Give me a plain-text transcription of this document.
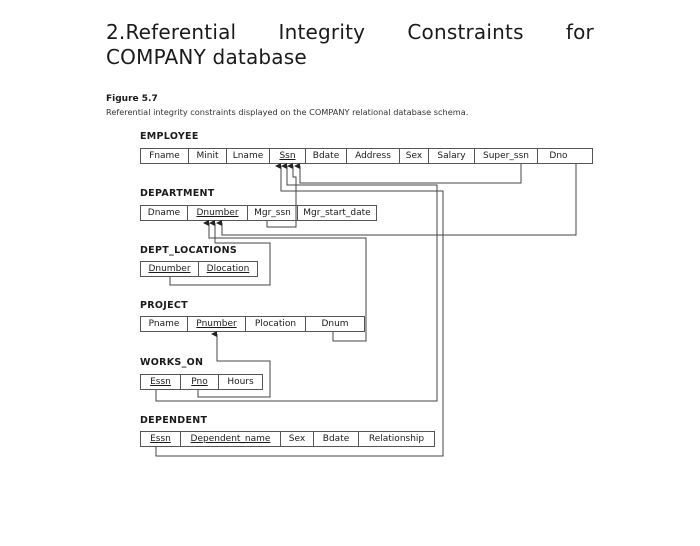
2.Referential Integrity Constraints for
COMPANY database
Figure 5.7
Referential integrity constraints displayed on the COMPANY relational database schema.
EMPLOYEE
Fname	Minit	Lname	Ssn	Bdate	Address	Sex	Salary	Super_ssn	Dno
DEPARTMENT
Dname	Dnumber	Mgr_ssn	Mgr_start_date
DEPT_LOCATIONS
Dnumber	Dlocation
PROJECT
Pname	Pnumber	Plocation	Dnum
WORKS_ON
Essn	Pno	Hours
DEPENDENT
Essn	Dependent_name	Sex	Bdate	Relationship
